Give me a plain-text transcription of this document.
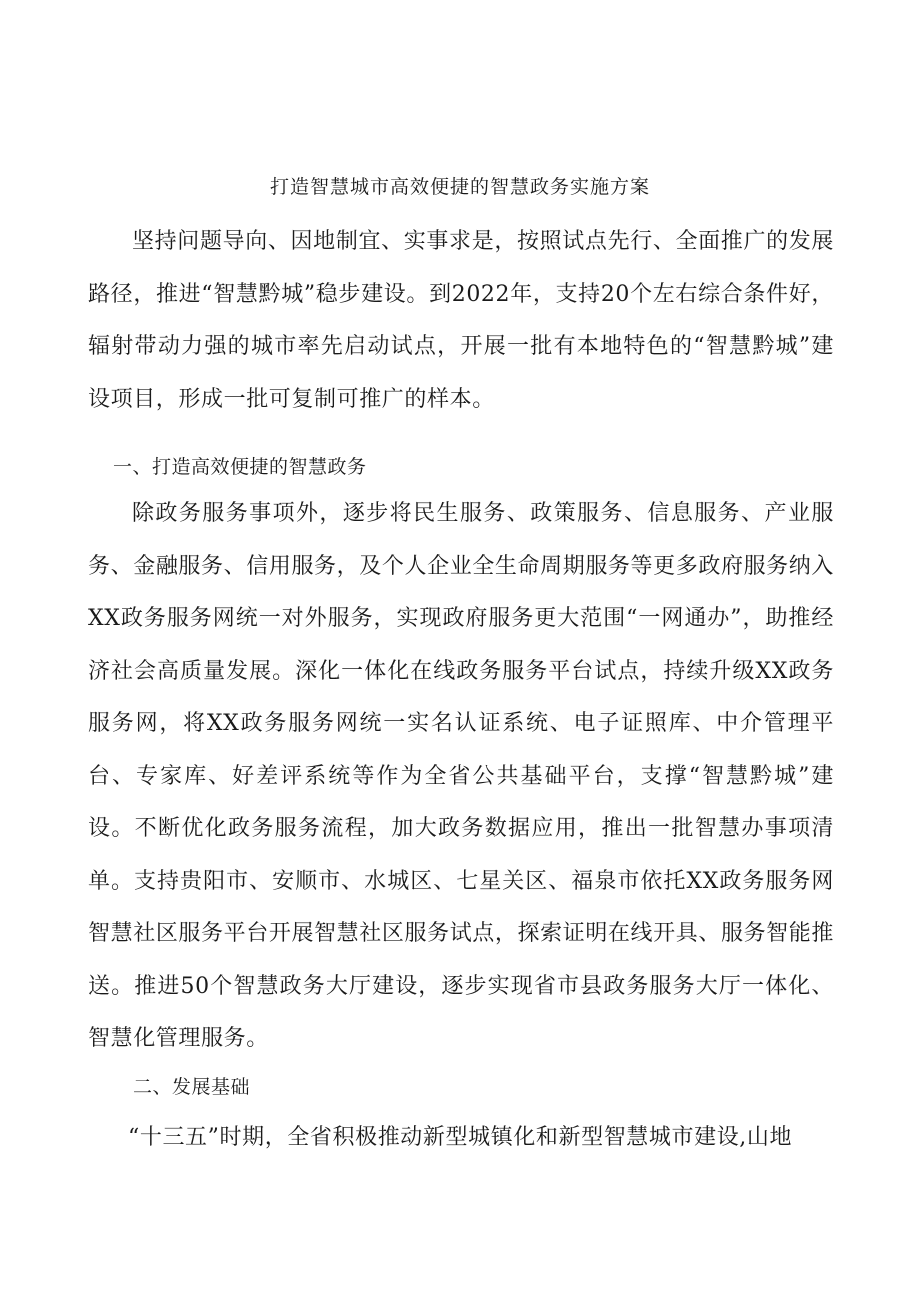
打造智慧城市高效便捷的智慧政务实施方案

坚持问题导向、因地制宜、实事求是，按照试点先行、全面推广的发展路径，推进“智慧黔城”稳步建设。到2022年，支持20个左右综合条件好，辐射带动力强的城市率先启动试点，开展一批有本地特色的“智慧黔城”建设项目，形成一批可复制可推广的样本。

一、打造高效便捷的智慧政务

除政务服务事项外，逐步将民生服务、政策服务、信息服务、产业服务、金融服务、信用服务，及个人企业全生命周期服务等更多政府服务纳入XX政务服务网统一对外服务，实现政府服务更大范围“一网通办”，助推经济社会高质量发展。深化一体化在线政务服务平台试点，持续升级XX政务服务网，将XX政务服务网统一实名认证系统、电子证照库、中介管理平台、专家库、好差评系统等作为全省公共基础平台，支撑“智慧黔城”建设。不断优化政务服务流程，加大政务数据应用，推出一批智慧办事项清单。支持贵阳市、安顺市、水城区、七星关区、福泉市依托XX政务服务网智慧社区服务平台开展智慧社区服务试点，探索证明在线开具、服务智能推送。推进50个智慧政务大厅建设，逐步实现省市县政务服务大厅一体化、智慧化管理服务。

二、发展基础

“十三五”时期，全省积极推动新型城镇化和新型智慧城市建设,山地
